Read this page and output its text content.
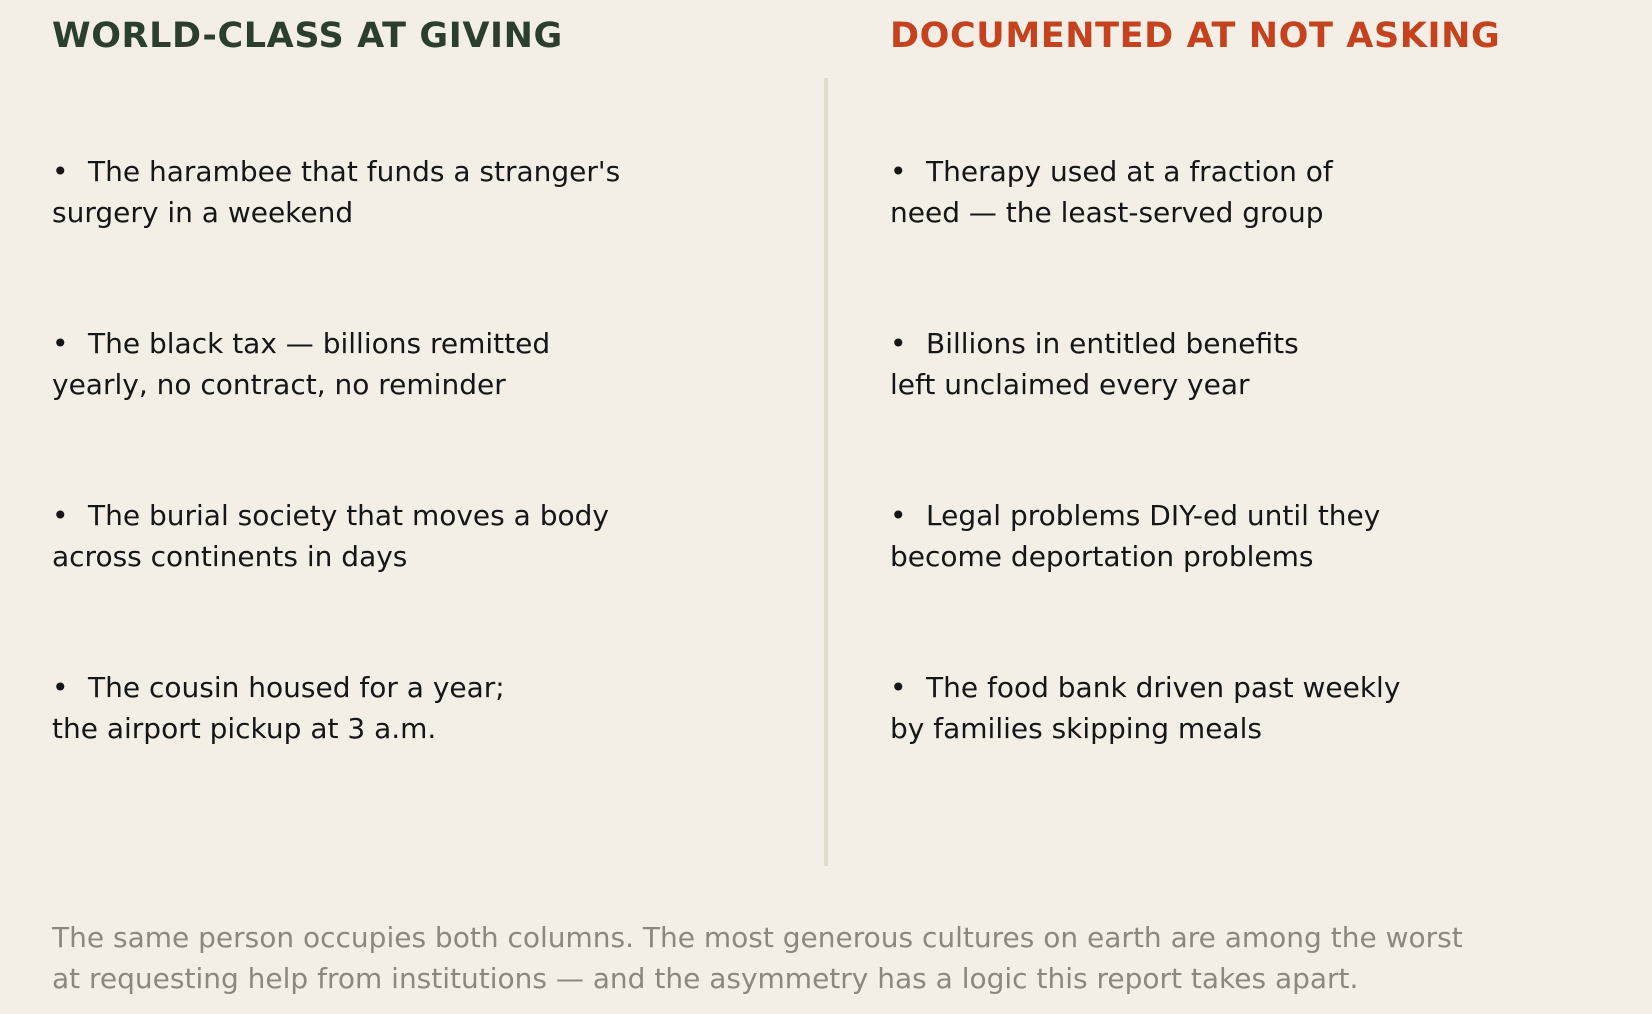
WORLD-CLASS AT GIVING

• The harambee that funds a stranger's
surgery in a weekend

• The black tax — billions remitted
yearly, no contract, no reminder

• The burial society that moves a body
across continents in days

• The cousin housed for a year;
the airport pickup at 3 a.m.

DOCUMENTED AT NOT ASKING

• Therapy used at a fraction of
need — the least-served group

• Billions in entitled benefits
left unclaimed every year

• Legal problems DIY-ed until they
become deportation problems

• The food bank driven past weekly
by families skipping meals

The same person occupies both columns. The most generous cultures on earth are among the worst
at requesting help from institutions — and the asymmetry has a logic this report takes apart.
